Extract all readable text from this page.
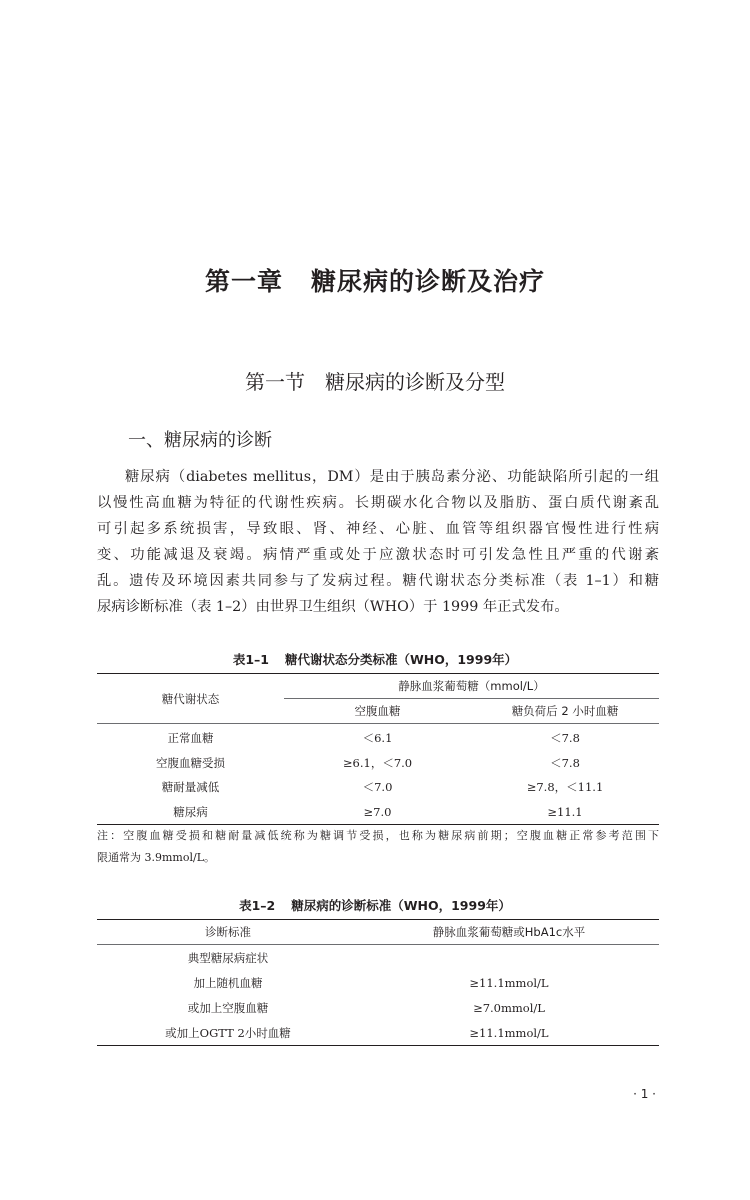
第一章 糖尿病的诊断及治疗
第一节 糖尿病的诊断及分型
一、糖尿病的诊断
糖尿病（diabetes mellitus，DM）是由于胰岛素分泌、功能缺陷所引起的一组
以慢性高血糖为特征的代谢性疾病。长期碳水化合物以及脂肪、蛋白质代谢紊乱
可引起多系统损害，导致眼、肾、神经、心脏、血管等组织器官慢性进行性病
变、功能减退及衰竭。病情严重或处于应激状态时可引发急性且严重的代谢紊
乱。遗传及环境因素共同参与了发病过程。糖代谢状态分类标准（表 1–1）和糖
尿病诊断标准（表 1–2）由世界卫生组织（WHO）于 1999 年正式发布。
表1–1 糖代谢状态分类标准（WHO，1999年）
糖代谢状态	静脉血浆葡萄糖（mmol/L）	
	空腹血糖	糖负荷后 2 小时血糖
正常血糖	＜6.1	＜7.8
空腹血糖受损	≥6.1，＜7.0	＜7.8
糖耐量减低	＜7.0	≥7.8，＜11.1
糖尿病	≥7.0	≥11.1
注：空腹血糖受损和糖耐量减低统称为糖调节受损，也称为糖尿病前期；空腹血糖正常参考范围下
限通常为 3.9mmol/L。
表1–2 糖尿病的诊断标准（WHO，1999年）
诊断标准	静脉血浆葡萄糖或HbA1c水平
典型糖尿病症状	
加上随机血糖	≥11.1mmol/L
或加上空腹血糖	≥7.0mmol/L
或加上OGTT 2小时血糖	≥11.1mmol/L
· 1 ·
